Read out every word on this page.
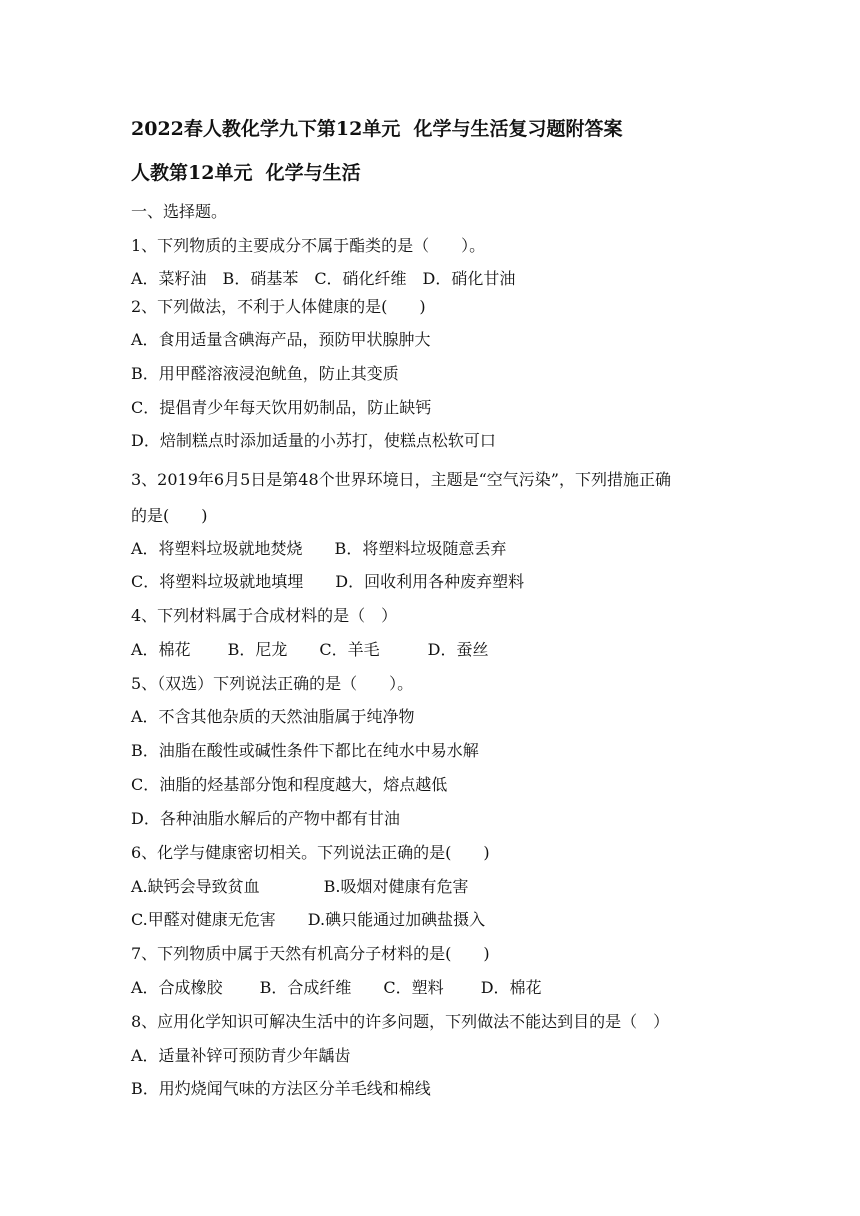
2022春人教化学九下第12单元  化学与生活复习题附答案
人教第12单元  化学与生活
一、选择题。
1、下列物质的主要成分不属于酯类的是（　　）。
A．菜籽油　B．硝基苯　C．硝化纤维　D．硝化甘油
2、下列做法，不利于人体健康的是(　　)
A．食用适量含碘海产品，预防甲状腺肿大
B．用甲醛溶液浸泡鱿鱼，防止其变质
C．提倡青少年每天饮用奶制品，防止缺钙
D．焙制糕点时添加适量的小苏打，使糕点松软可口
3、2019年6月5日是第48个世界环境日，主题是“空气污染”，下列措施正确
的是(　　)
A．将塑料垃圾就地焚烧　　B．将塑料垃圾随意丢弃
C．将塑料垃圾就地填埋　　D．回收利用各种废弃塑料
4、下列材料属于合成材料的是（　）
A．棉花　　 B．尼龙　　C．羊毛　　　D．蚕丝
5、（双选）下列说法正确的是（　　）。
A．不含其他杂质的天然油脂属于纯净物
B．油脂在酸性或碱性条件下都比在纯水中易水解
C．油脂的烃基部分饱和程度越大，熔点越低
D．各种油脂水解后的产物中都有甘油
6、化学与健康密切相关。下列说法正确的是(　　)
A.缺钙会导致贫血　　　　B.吸烟对健康有危害
C.甲醛对健康无危害　　D.碘只能通过加碘盐摄入
7、下列物质中属于天然有机高分子材料的是(　　)
A．合成橡胶　　 B．合成纤维　　C．塑料　　 D．棉花
8、应用化学知识可解决生活中的许多问题，下列做法不能达到目的是（　）
A．适量补锌可预防青少年龋齿
B．用灼烧闻气味的方法区分羊毛线和棉线
